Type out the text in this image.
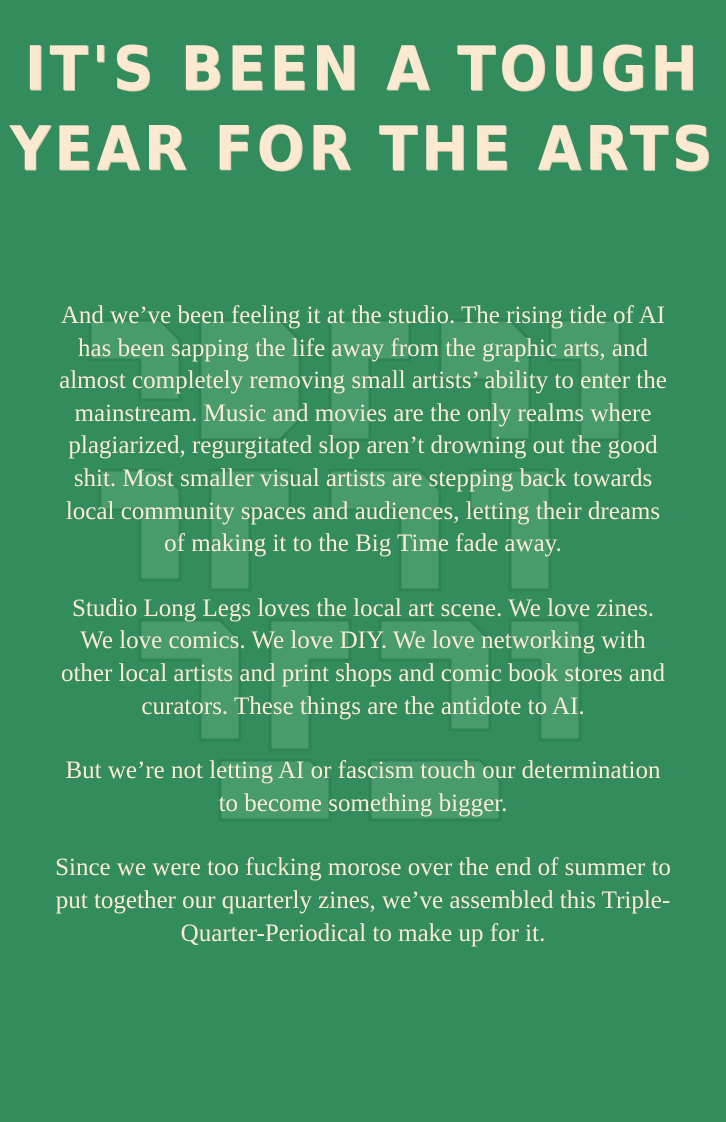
IT'S BEEN A TOUGH YEAR FOR THE ARTS

And we’ve been feeling it at the studio. The rising tide of AI has been sapping the life away from the graphic arts, and almost completely removing small artists’ ability to enter the mainstream. Music and movies are the only realms where plagiarized, regurgitated slop aren’t drowning out the good shit. Most smaller visual artists are stepping back towards local community spaces and audiences, letting their dreams of making it to the Big Time fade away.

Studio Long Legs loves the local art scene. We love zines. We love comics. We love DIY. We love networking with other local artists and print shops and comic book stores and curators. These things are the antidote to AI.

But we’re not letting AI or fascism touch our determination to become something bigger.

Since we were too fucking morose over the end of summer to put together our quarterly zines, we’ve assembled this Triple-Quarter-Periodical to make up for it.
